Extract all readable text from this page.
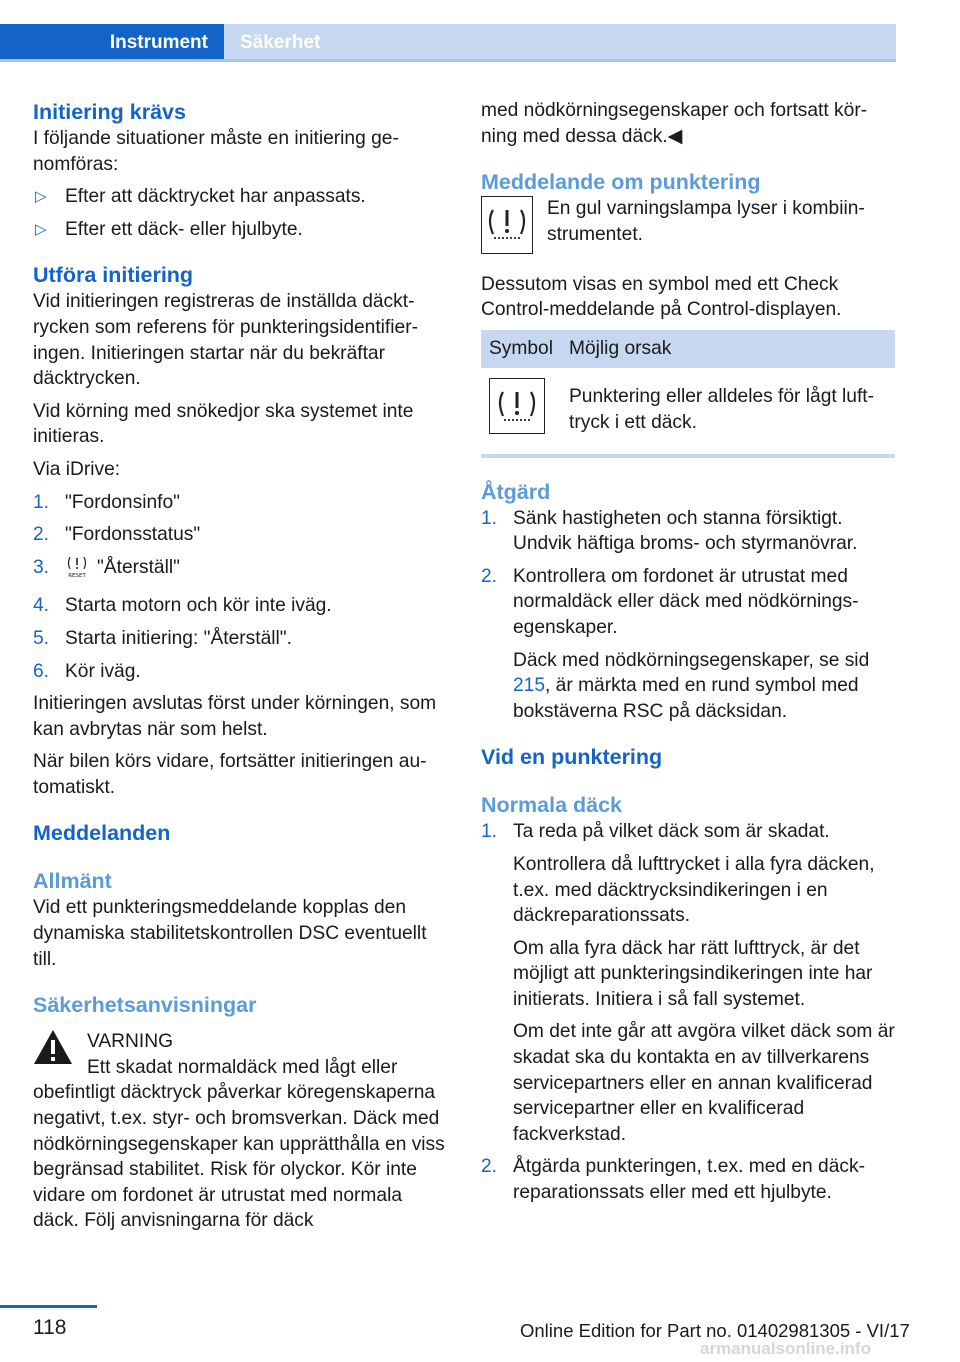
Instrument	Säkerhet
Initiering krävs

I följande situationer måste en initiering genomföras:

▷ Efter att däcktrycket har anpassats.
▷ Efter ett däck- eller hjulbyte.
Utföra initiering

Vid initieringen registreras de inställda däcktrycken som referens för punkteringsidentifieringen. Initieringen startar när du bekräftar däcktrycken.

Vid körning med snökedjor ska systemet inte initieras.

Via iDrive:

1. "Fordonsinfo"
2. "Fordonsstatus"
3.	RESET "Återställ"
4. Starta motorn och kör inte iväg.
5. Starta initiering: "Återställ".
6. Kör iväg.

Initieringen avslutas först under körningen, som kan avbrytas när som helst.

När bilen körs vidare, fortsätter initieringen automatiskt.

Meddelanden
Allmänt

Vid ett punkteringsmeddelande kopplas den dynamiska stabilitetskontrollen DSC eventuellt till.

Säkerhetsanvisningar
VARNING
Ett skadat normaldäck med lågt eller
obefintligt däcktryck påverkar köregenskaperna negativt, t.ex. styr- och bromsverkan. Däck med nödkörningsegenskaper kan upprätthålla en viss begränsad stabilitet. Risk för olyckor. Kör inte vidare om fordonet är utrustat med normala däck. Följ anvisningarna för däck

med nödkörningsegenskaper och fortsatt körning med dessa däck.◀

Meddelande om punktering
En gul varningslampa lyser i kombiinstrumentet.

Dessutom visas en symbol med ett Check Control-meddelande på Control-displayen.

Symbol	Möjlig orsak
	Punktering eller alldeles för lågt lufttryck i ett däck.
Åtgärd
1. Sänk hastigheten och stanna försiktigt. Undvik häftiga broms- och styrmanövrar.

2. Kontrollera om fordonet är utrustat med normaldäck eller däck med nödkörningsegenskaper.

Däck med nödkörningsegenskaper, se sid 215, är märkta med en rund symbol med bokstäverna RSC på däcksidan.

Vid en punktering
Normala däck
1. Ta reda på vilket däck som är skadat.

Kontrollera då lufttrycket i alla fyra däcken, t.ex. med däcktrycksindikeringen i en däckreparationssats.

Om alla fyra däck har rätt lufttryck, är det möjligt att punkteringsindikeringen inte har initierats. Initiera i så fall systemet.

Om det inte går att avgöra vilket däck som är skadat ska du kontakta en av tillverkarens servicepartners eller en annan kvalificerad servicepartner eller en kvalificerad fackverkstad.

2. Åtgärda punkteringen, t.ex. med en däckreparationssats eller med ett hjulbyte.

118	Online Edition for Part no. 01402981305 - VI/17
armanualsonline.info
